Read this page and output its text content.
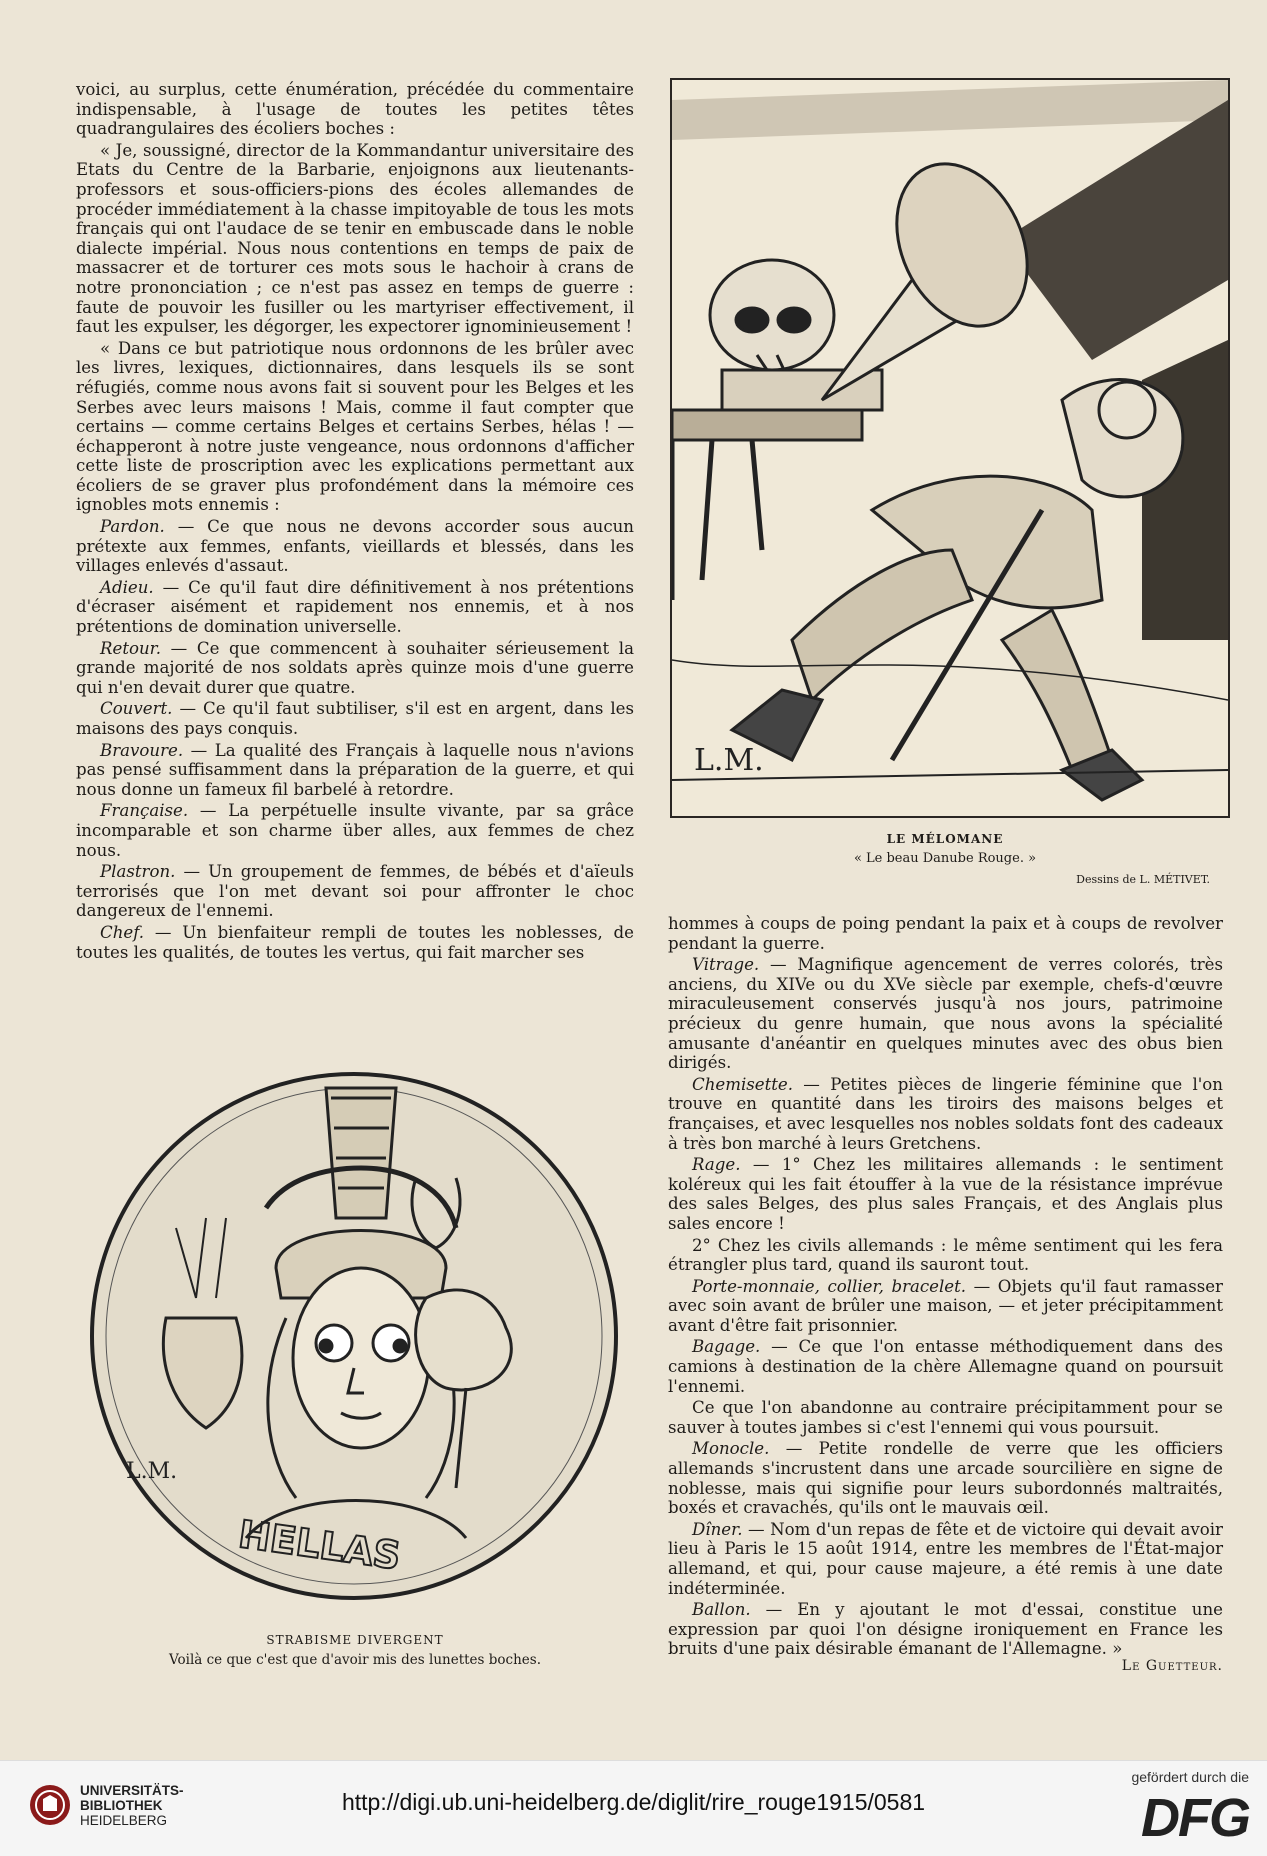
voici, au surplus, cette énumération, précédée du commentaire indispensable, à l'usage de toutes les petites têtes quadrangulaires des écoliers boches :

« Je, soussigné, director de la Kommandantur universitaire des Etats du Centre de la Barbarie, enjoignons aux lieutenants-professors et sous-officiers-pions des écoles allemandes de procéder immédiatement à la chasse impitoyable de tous les mots français qui ont l'audace de se tenir en embuscade dans le noble dialecte impérial. Nous nous contentions en temps de paix de massacrer et de torturer ces mots sous le hachoir à crans de notre prononciation ; ce n'est pas assez en temps de guerre : faute de pouvoir les fusiller ou les martyriser effectivement, il faut les expulser, les dégorger, les expectorer ignominieusement !

« Dans ce but patriotique nous ordonnons de les brûler avec les livres, lexiques, dictionnaires, dans lesquels ils se sont réfugiés, comme nous avons fait si souvent pour les Belges et les Serbes avec leurs maisons ! Mais, comme il faut compter que certains — comme certains Belges et certains Serbes, hélas ! — échapperont à notre juste vengeance, nous ordonnons d'afficher cette liste de proscription avec les explications permettant aux écoliers de se graver plus profondément dans la mémoire ces ignobles mots ennemis :

Pardon. — Ce que nous ne devons accorder sous aucun prétexte aux femmes, enfants, vieillards et blessés, dans les villages enlevés d'assaut.

Adieu. — Ce qu'il faut dire définitivement à nos prétentions d'écraser aisément et rapidement nos ennemis, et à nos prétentions de domination universelle.

Retour. — Ce que commencent à souhaiter sérieusement la grande majorité de nos soldats après quinze mois d'une guerre qui n'en devait durer que quatre.

Couvert. — Ce qu'il faut subtiliser, s'il est en argent, dans les maisons des pays conquis.

Bravoure. — La qualité des Français à laquelle nous n'avions pas pensé suffisamment dans la préparation de la guerre, et qui nous donne un fameux fil barbelé à retordre.

Française. — La perpétuelle insulte vivante, par sa grâce incomparable et son charme über alles, aux femmes de chez nous.

Plastron. — Un groupement de femmes, de bébés et d'aïeuls terrorisés que l'on met devant soi pour affronter le choc dangereux de l'ennemi.

Chef. — Un bienfaiteur rempli de toutes les noblesses, de toutes les qualités, de toutes les vertus, qui fait marcher ses

L.M.
LE MÉLOMANE
« Le beau Danube Rouge. »
Dessins de L. MÉTIVET.

hommes à coups de poing pendant la paix et à coups de revolver pendant la guerre.

Vitrage. — Magnifique agencement de verres colorés, très anciens, du XIVe ou du XVe siècle par exemple, chefs-d'œuvre miraculeusement conservés jusqu'à nos jours, patrimoine précieux du genre humain, que nous avons la spécialité amusante d'anéantir en quelques minutes avec des obus bien dirigés.

Chemisette. — Petites pièces de lingerie féminine que l'on trouve en quantité dans les tiroirs des maisons belges et françaises, et avec lesquelles nos nobles soldats font des cadeaux à très bon marché à leurs Gretchens.

Rage. — 1° Chez les militaires allemands : le sentiment koléreux qui les fait étouffer à la vue de la résistance imprévue des sales Belges, des plus sales Français, et des Anglais plus sales encore !

2° Chez les civils allemands : le même sentiment qui les fera étrangler plus tard, quand ils sauront tout.

Porte-monnaie, collier, bracelet. — Objets qu'il faut ramasser avec soin avant de brûler une maison, — et jeter précipitamment avant d'être fait prisonnier.

Bagage. — Ce que l'on entasse méthodiquement dans des camions à destination de la chère Allemagne quand on poursuit l'ennemi.

Ce que l'on abandonne au contraire précipitamment pour se sauver à toutes jambes si c'est l'ennemi qui vous poursuit.

Monocle. — Petite rondelle de verre que les officiers allemands s'incrustent dans une arcade sourcilière en signe de noblesse, mais qui signifie pour leurs subordonnés maltraités, boxés et cravachés, qu'ils ont le mauvais œil.

Dîner. — Nom d'un repas de fête et de victoire qui devait avoir lieu à Paris le 15 août 1914, entre les membres de l'État-major allemand, et qui, pour cause majeure, a été remis à une date indéterminée.

Ballon. — En y ajoutant le mot d'essai, constitue une expression par quoi l'on désigne ironiquement en France les bruits d'une paix désirable émanant de l'Allemagne. »

Le Guetteur.
HELLAS
L.M.
STRABISME DIVERGENT
Voilà ce que c'est que d'avoir mis des lunettes boches.
UNIVERSITÄTS-
BIBLIOTHEK
HEIDELBERG
http://digi.ub.uni-heidelberg.de/diglit/rire_rouge1915/0581
gefördert durch die
DFG
